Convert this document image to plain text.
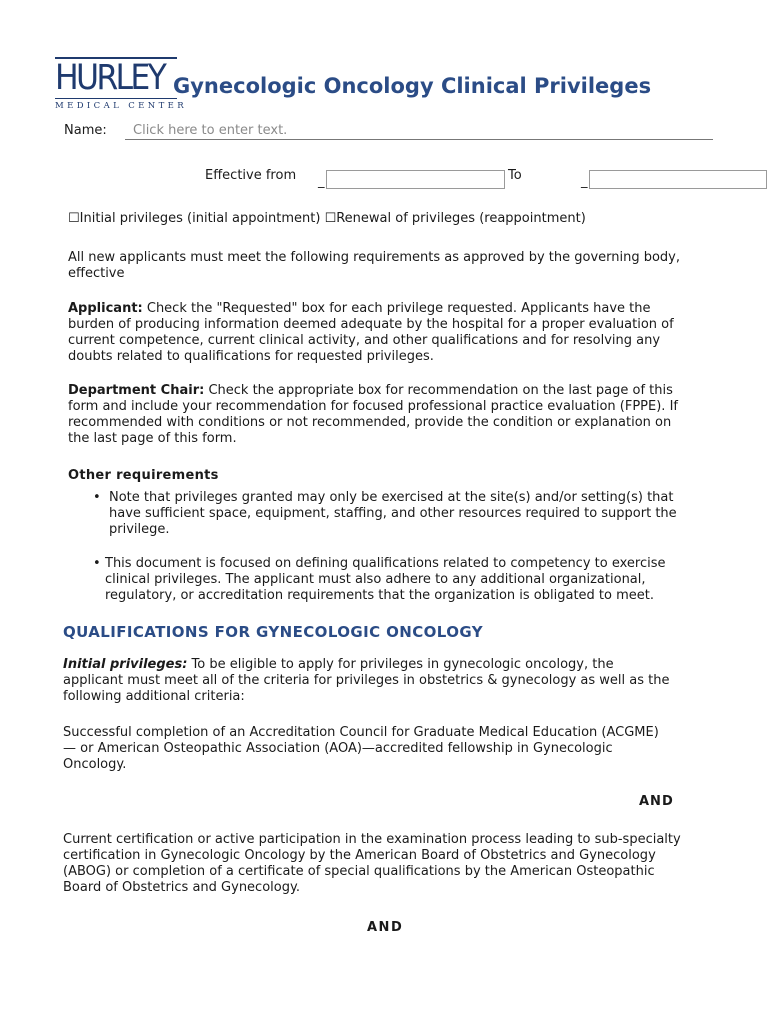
HURLEY
MEDICAL CENTER
Gynecologic Oncology Clinical Privileges
Name: Click here to enter text.
Effective from _	To	_
☐Initial privileges (initial appointment) ☐Renewal of privileges (reappointment)
All new applicants must meet the following requirements as approved by the governing body,
effective
Applicant: Check the "Requested" box for each privilege requested. Applicants have the
burden of producing information deemed adequate by the hospital for a proper evaluation of
current competence, current clinical activity, and other qualifications and for resolving any
doubts related to qualifications for requested privileges.
Department Chair: Check the appropriate box for recommendation on the last page of this
form and include your recommendation for focused professional practice evaluation (FPPE). If
recommended with conditions or not recommended, provide the condition or explanation on
the last page of this form.
Other requirements
• Note that privileges granted may only be exercised at the site(s) and/or setting(s) that
have sufficient space, equipment, staffing, and other resources required to support the
privilege.
• This document is focused on defining qualifications related to competency to exercise
clinical privileges. The applicant must also adhere to any additional organizational,
regulatory, or accreditation requirements that the organization is obligated to meet.
QUALIFICATIONS FOR GYNECOLOGIC ONCOLOGY
Initial privileges: To be eligible to apply for privileges in gynecologic oncology, the
applicant must meet all of the criteria for privileges in obstetrics & gynecology as well as the
following additional criteria:
Successful completion of an Accreditation Council for Graduate Medical Education (ACGME)
— or American Osteopathic Association (AOA)—accredited fellowship in Gynecologic
Oncology.
AND
Current certification or active participation in the examination process leading to sub-specialty
certification in Gynecologic Oncology by the American Board of Obstetrics and Gynecology
(ABOG) or completion of a certificate of special qualifications by the American Osteopathic
Board of Obstetrics and Gynecology.
AND
